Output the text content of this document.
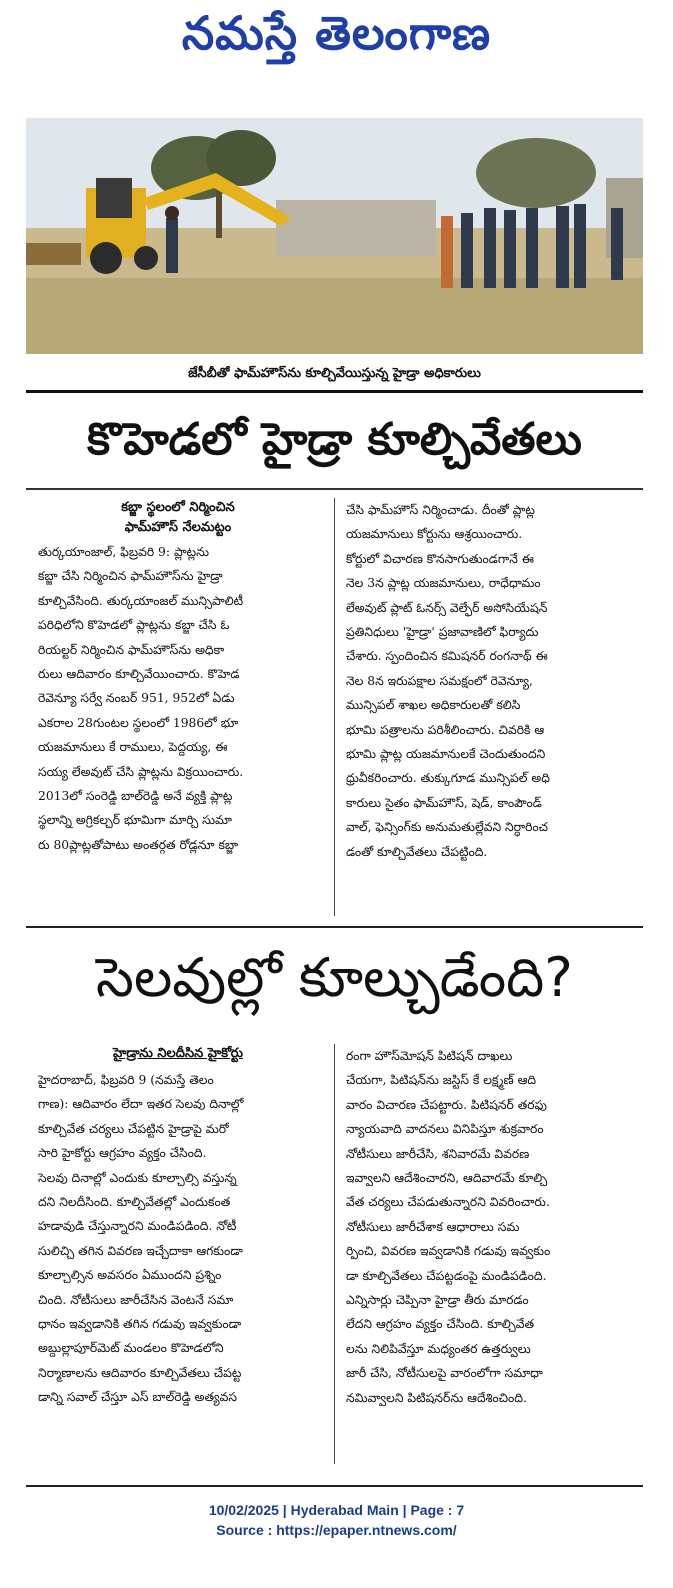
నమస్తే తెలంగాణ
జేసీబీతో ఫామ్‌హౌస్‌ను కూల్చివేయిస్తున్న హైడ్రా అధికారులు
కొహెడలో హైడ్రా కూల్చివేతలు
కబ్జా స్థలంలో నిర్మించిన
ఫామ్‌హౌస్ నేలమట్టం
తుర్కయాంజాల్, ఫిబ్రవరి 9: ప్లాట్లను
కబ్జా చేసి నిర్మించిన ఫామ్‌హౌస్‌ను హైడ్రా
కూల్చివేసింది. తుర్కయాంజల్ మున్సిపాలిటీ
పరిధిలోని కొహెడలో ప్లాట్లను కబ్జా చేసి ఓ
రియల్టర్ నిర్మించిన ఫామ్‌హౌస్‌ను అధికా
రులు ఆదివారం కూల్చివేయించారు. కొహెడ
రెవెన్యూ సర్వే నంబర్ 951, 952లో ఏడు
ఎకరాల 28గుంటల స్థలంలో 1986లో భూ
యజమానులు కే రాములు, పెద్దయ్య, ఈ
సయ్య లేఅవుట్ చేసి ప్లాట్లను విక్రయించారు.
2013లో సంరెడ్డి బాల్‌రెడ్డి అనే వ్యక్తి ప్లాట్ల
స్థలాన్ని అగ్రికల్చర్ భూమిగా మార్చి సుమా
రు 80ప్లాట్లతోపాటు అంతర్గత రోడ్లనూ కబ్జా
చేసి ఫామ్‌హౌస్ నిర్మించాడు. దీంతో ప్లాట్ల
యజమానులు కోర్టును ఆశ్రయించారు.
కోర్టులో విచారణ కొనసాగుతుండగానే ఈ
నెల 3న ప్లాట్ల యజమానులు, రాధేధామం
లేఅవుట్ ప్లాట్ ఓనర్స్ వెల్ఫేర్ అసోసియేషన్
ప్రతినిధులు 'హైడ్రా' ప్రజావాణిలో ఫిర్యాదు
చేశారు. స్పందించిన కమిషనర్ రంగనాథ్ ఈ
నెల 8న ఇరుపక్షాల సమక్షంలో రెవెన్యూ,
మున్సిపల్ శాఖల అధికారులతో కలిసి
భూమి పత్రాలను పరిశీలించారు. చివరికి ఆ
భూమి ప్లాట్ల యజమానులకే చెందుతుందని
ధ్రువీకరించారు. తుక్కుగూడ మున్సిపల్ అధి
కారులు సైతం ఫామ్‌హౌస్, షెడ్, కాంపౌండ్
వాల్, ఫెన్సింగ్‌కు అనుమతుల్లేవని నిర్ధారించ
డంతో కూల్చివేతలు చేపట్టింది.
సెలవుల్లో కూల్చుడేంది?
హైడ్రాను నిలదీసిన హైకోర్టు
హైదరాబాద్, ఫిబ్రవరి 9 (నమస్తే తెలం
గాణ): ఆదివారం లేదా ఇతర సెలవు దినాల్లో
కూల్చివేత చర్యలు చేపట్టిన హైడ్రాపై మరో
సారి హైకోర్టు ఆగ్రహం వ్యక్తం చేసింది.
సెలవు దినాల్లో ఎందుకు కూల్చాల్సి వస్తున్న
దని నిలదీసింది. కూల్చివేతల్లో ఎందుకంత
హడావుడి చేస్తున్నారని మండిపడింది. నోటీ
సులిచ్చి తగిన వివరణ ఇచ్చేదాకా ఆగకుండా
కూల్చాల్సిన అవసరం ఏముందని ప్రశ్నిం
చింది. నోటీసులు జారీచేసిన వెంటనే సమా
ధానం ఇవ్వడానికి తగిన గడువు ఇవ్వకుండా
అబ్దుల్లాపూర్‌మెట్ మండలం కొహెడలోని
నిర్మాణాలను ఆదివారం కూల్చివేతలు చేపట్ట
డాన్ని సవాల్ చేస్తూ ఎస్ బాల్‌రెడ్డి అత్యవస
రంగా హౌస్‌మోషన్ పిటిషన్ దాఖలు
చేయగా, పిటిషన్‌ను జస్టిస్ కే లక్ష్మణ్ ఆది
వారం విచారణ చేపట్టారు. పిటిషనర్ తరఫు
న్యాయవాది వాదనలు వినిపిస్తూ శుక్రవారం
నోటీసులు జారీచేసి, శనివారమే వివరణ
ఇవ్వాలని ఆదేశించారని, ఆదివారమే కూల్చి
వేత చర్యలు చేపడుతున్నారని వివరించారు.
నోటీసులు జారీచేశాక ఆధారాలు సమ
ర్పించి, వివరణ ఇవ్వడానికి గడువు ఇవ్వకుం
డా కూల్చివేతలు చేపట్టడంపై మండిపడింది.
ఎన్నిసార్లు చెప్పినా హైడ్రా తీరు మారడం
లేదని ఆగ్రహం వ్యక్తం చేసింది. కూల్చివేత
లను నిలిపివేస్తూ మధ్యంతర ఉత్తర్వులు
జారీ చేసి, నోటీసులపై వారంలోగా సమాధా
నమివ్వాలని పిటిషనర్‌ను ఆదేశించింది.
10/02/2025 | Hyderabad Main | Page : 7
Source : https://epaper.ntnews.com/
